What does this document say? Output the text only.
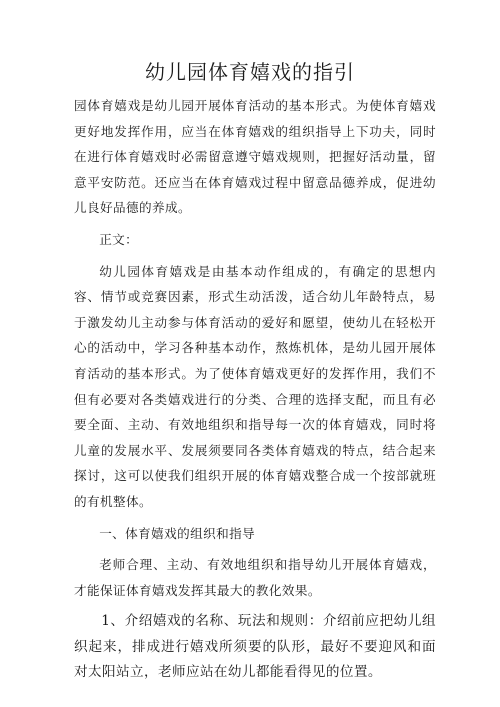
幼儿园体育嬉戏的指引

园体育嬉戏是幼儿园开展体育活动的基本形式。为使体育嬉戏更好地发挥作用，应当在体育嬉戏的组织指导上下功夫，同时在进行体育嬉戏时必需留意遵守嬉戏规则，把握好活动量，留意平安防范。还应当在体育嬉戏过程中留意品德养成，促进幼儿良好品德的养成。

正文：

幼儿园体育嬉戏是由基本动作组成的，有确定的思想内容、情节或竞赛因素，形式生动活泼，适合幼儿年龄特点，易于激发幼儿主动参与体育活动的爱好和愿望，使幼儿在轻松开心的活动中，学习各种基本动作，熬炼机体，是幼儿园开展体育活动的基本形式。为了使体育嬉戏更好的发挥作用，我们不但有必要对各类嬉戏进行的分类、合理的选择支配，而且有必要全面、主动、有效地组织和指导每一次的体育嬉戏，同时将儿童的发展水平、发展须要同各类体育嬉戏的特点，结合起来探讨，这可以使我们组织开展的体育嬉戏整合成一个按部就班的有机整体。

一、体育嬉戏的组织和指导

老师合理、主动、有效地组织和指导幼儿开展体育嬉戏，才能保证体育嬉戏发挥其最大的教化效果。

1、介绍嬉戏的名称、玩法和规则：介绍前应把幼儿组织起来，排成进行嬉戏所须要的队形，最好不要迎风和面对太阳站立，老师应站在幼儿都能看得见的位置。
